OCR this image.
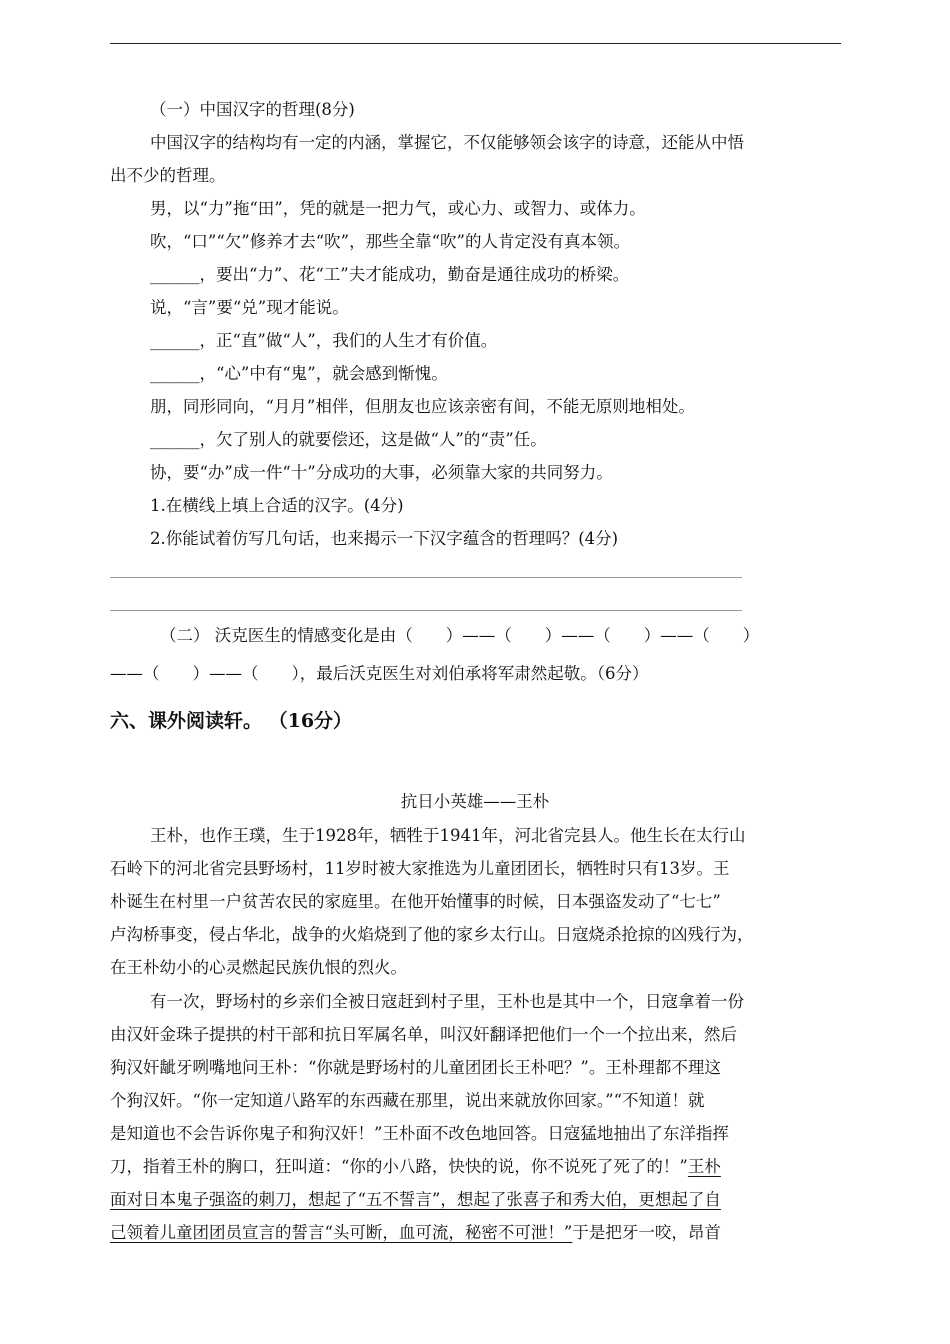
（一）中国汉字的哲理(8分)
中国汉字的结构均有一定的内涵，掌握它，不仅能够领会该字的诗意，还能从中悟
出不少的哲理。
男，以“力”拖“田”，凭的就是一把力气，或心力、或智力、或体力。
吹，“口”“欠”修养才去“吹”，那些全靠“吹”的人肯定没有真本领。
______，要出“力”、花“工”夫才能成功，勤奋是通往成功的桥梁。
说，“言”要“兑”现才能说。
______，正“直”做“人”，我们的人生才有价值。
______，“心”中有“鬼”，就会感到惭愧。
朋，同形同向，“月月”相伴，但朋友也应该亲密有间，不能无原则地相处。
______，欠了别人的就要偿还，这是做“人”的“责”任。
协，要“办”成一件“十”分成功的大事，必须靠大家的共同努力。
1.在横线上填上合适的汉字。(4分)
2.你能试着仿写几句话，也来揭示一下汉字蕴含的哲理吗？(4分)
（二） 沃克医生的情感变化是由（　　）——（　　）——（　　）——（　　）
——（　　）——（　　），最后沃克医生对刘伯承将军肃然起敬。（6分）
六、课外阅读轩。 （16分）
抗日小英雄——王朴
王朴，也作王璞，生于1928年，牺牲于1941年，河北省完县人。他生长在太行山
石岭下的河北省完县野场村，11岁时被大家推选为儿童团团长，牺牲时只有13岁。王
朴诞生在村里一户贫苦农民的家庭里。在他开始懂事的时候，日本强盗发动了“七七”
卢沟桥事变，侵占华北，战争的火焰烧到了他的家乡太行山。日寇烧杀抢掠的凶残行为，
在王朴幼小的心灵燃起民族仇恨的烈火。
有一次，野场村的乡亲们全被日寇赶到村子里，王朴也是其中一个，日寇拿着一份
由汉奸金珠子提拱的村干部和抗日军属名单，叫汉奸翻译把他们一个一个拉出来，然后
狗汉奸龇牙咧嘴地问王朴：“你就是野场村的儿童团团长王朴吧？”。王朴理都不理这
个狗汉奸。“你一定知道八路军的东西藏在那里，说出来就放你回家。”“不知道！就
是知道也不会告诉你鬼子和狗汉奸！”王朴面不改色地回答。日寇猛地抽出了东洋指挥
刀，指着王朴的胸口，狂叫道：“你的小八路，快快的说，你不说死了死了的！”王朴
面对日本鬼子强盗的刺刀，想起了“五不誓言”，想起了张喜子和秀大伯，更想起了自
己领着儿童团团员宣言的誓言“头可断，血可流，秘密不可泄！”于是把牙一咬，昂首
